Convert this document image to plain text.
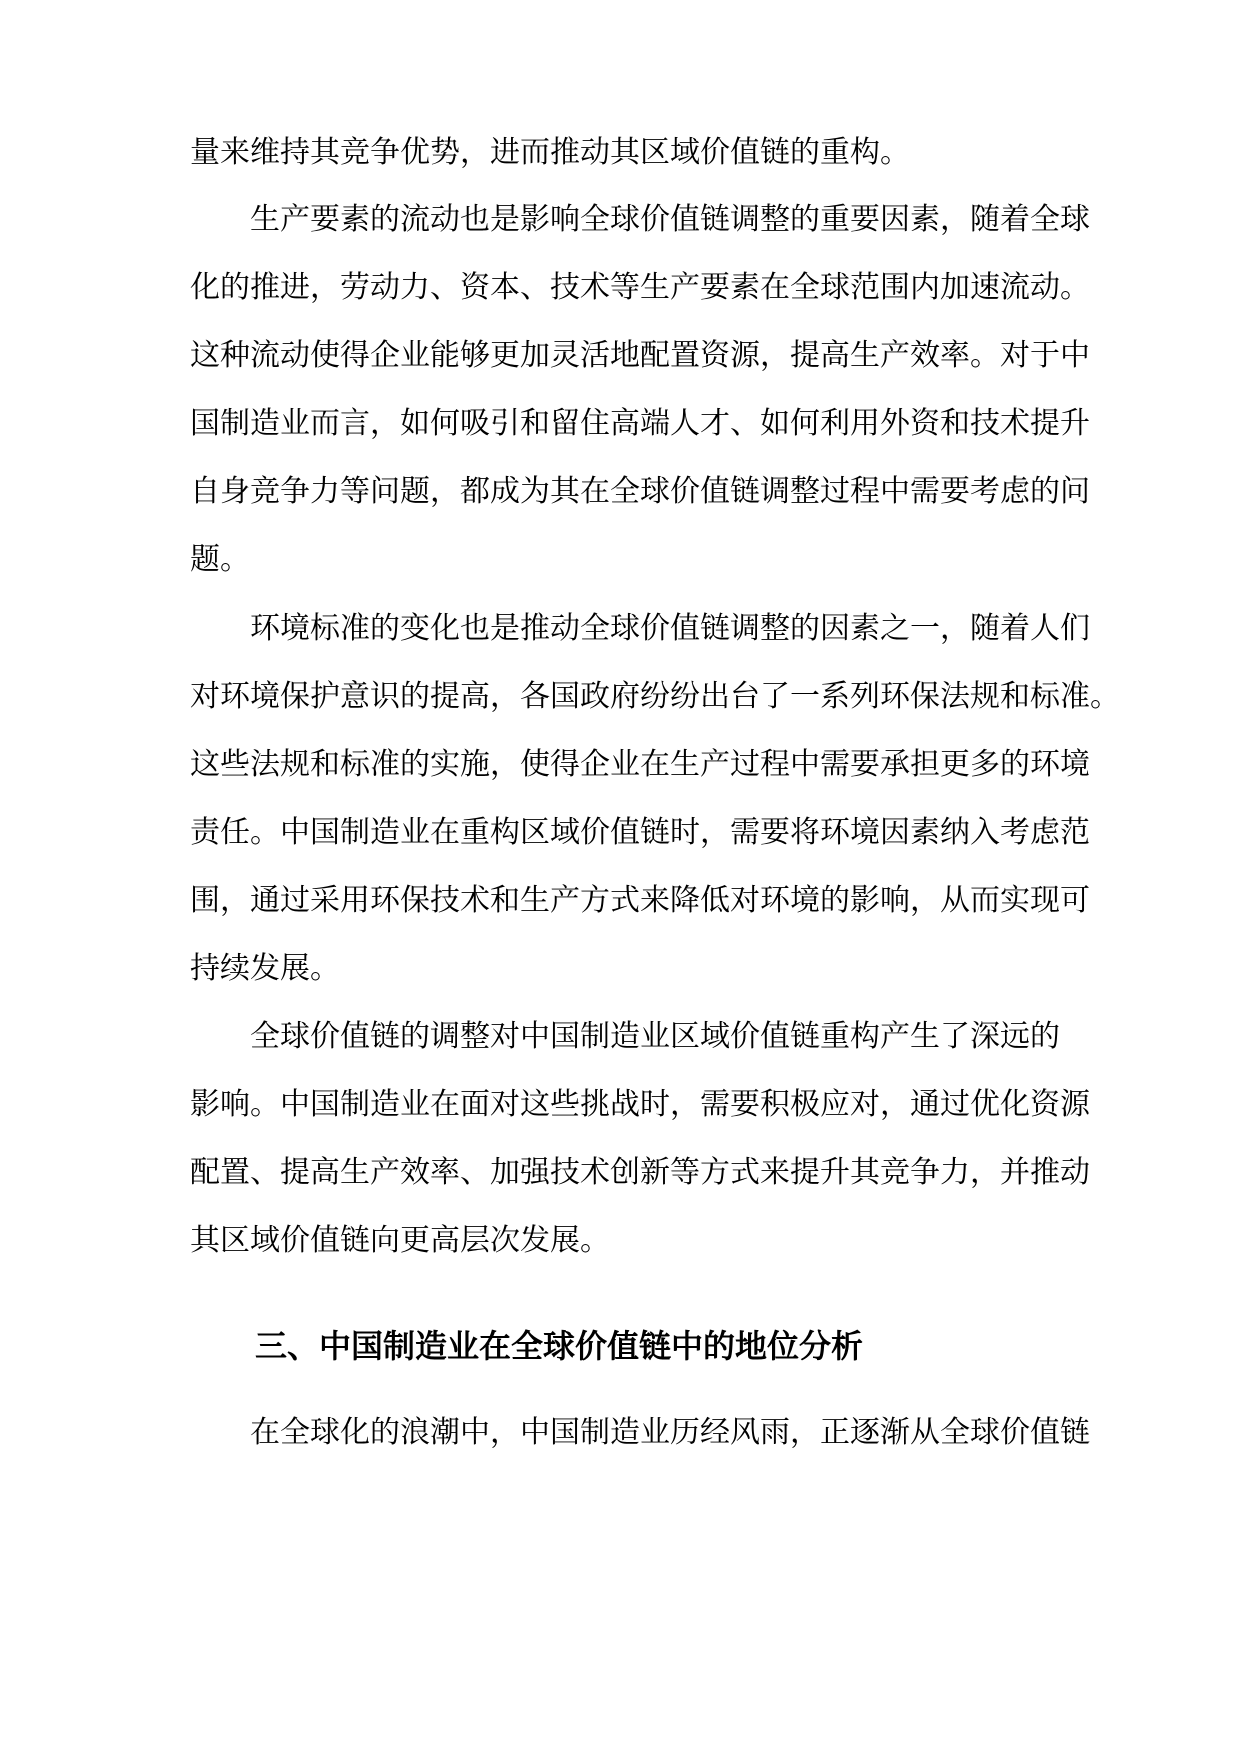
量来维持其竞争优势，进而推动其区域价值链的重构。
生产要素的流动也是影响全球价值链调整的重要因素，随着全球
化的推进，劳动力、资本、技术等生产要素在全球范围内加速流动。
这种流动使得企业能够更加灵活地配置资源，提高生产效率。对于中
国制造业而言，如何吸引和留住高端人才、如何利用外资和技术提升
自身竞争力等问题，都成为其在全球价值链调整过程中需要考虑的问
题。
环境标准的变化也是推动全球价值链调整的因素之一，随着人们
对环境保护意识的提高，各国政府纷纷出台了一系列环保法规和标准。
这些法规和标准的实施，使得企业在生产过程中需要承担更多的环境
责任。中国制造业在重构区域价值链时，需要将环境因素纳入考虑范
围，通过采用环保技术和生产方式来降低对环境的影响，从而实现可
持续发展。
全球价值链的调整对中国制造业区域价值链重构产生了深远的
影响。中国制造业在面对这些挑战时，需要积极应对，通过优化资源
配置、提高生产效率、加强技术创新等方式来提升其竞争力，并推动
其区域价值链向更高层次发展。
三、中国制造业在全球价值链中的地位分析
在全球化的浪潮中，中国制造业历经风雨，正逐渐从全球价值链
